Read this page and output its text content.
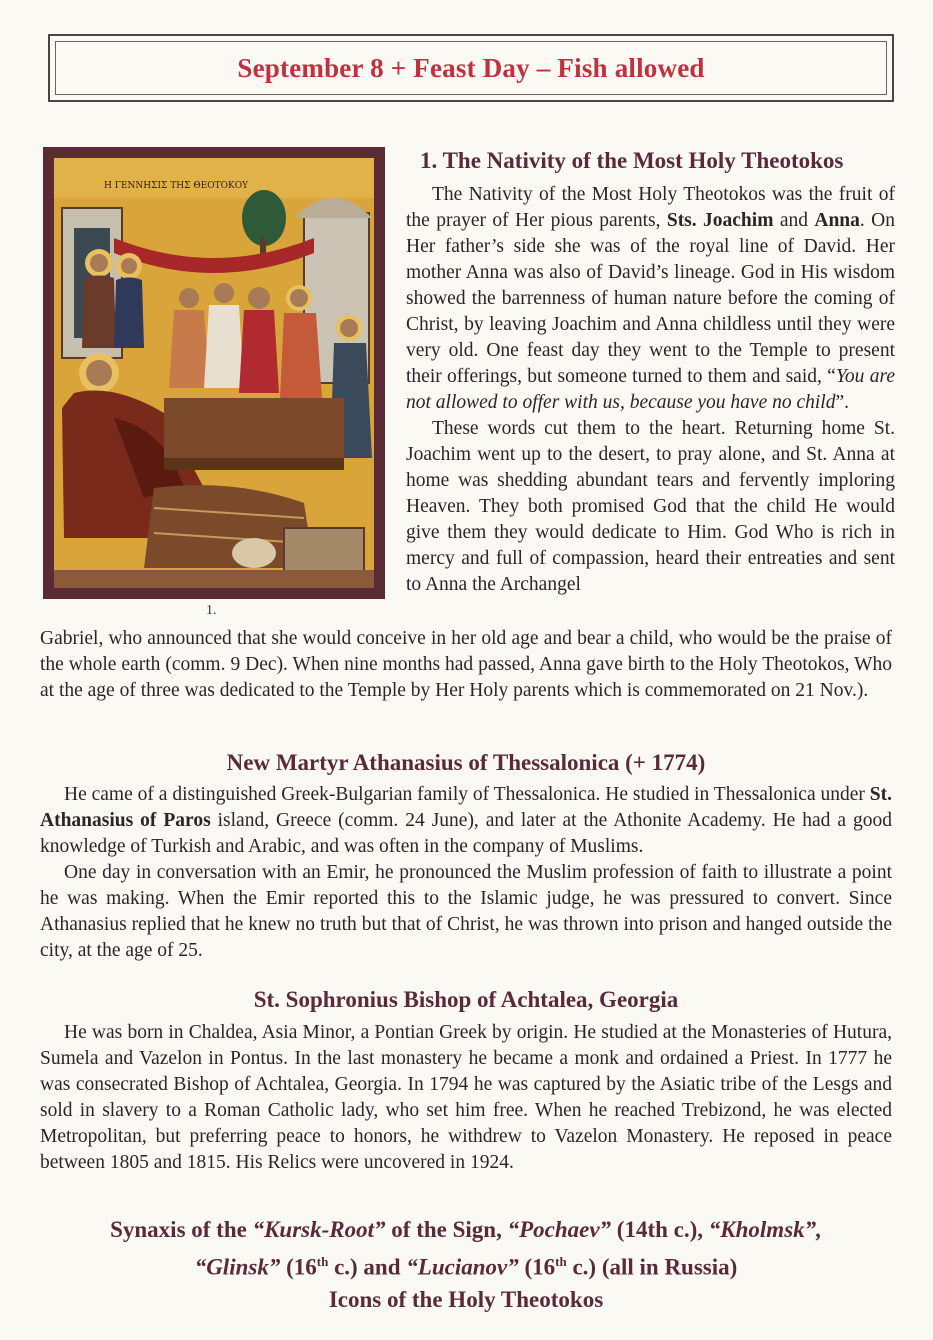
September 8 + Feast Day – Fish allowed
Η ΓΕΝΝΗΣΙΣ ΤΗΣ ΘΕΟΤΟΚΟΥ
1.
1. The Nativity of the Most Holy Theotokos

The Nativity of the Most Holy Theotokos was the fruit of the prayer of Her pious parents, Sts. Joachim and Anna. On Her father’s side she was of the royal line of David. Her mother Anna was also of David’s lineage. God in His wisdom showed the barrenness of human nature before the coming of Christ, by leaving Joachim and Anna childless until they were very old. One feast day they went to the Temple to present their offerings, but someone turned to them and said, “You are not allowed to offer with us, because you have no child”.

These words cut them to the heart. Returning home St. Joachim went up to the desert, to pray alone, and St. Anna at home was shedding abundant tears and fervently imploring Heaven. They both promised God that the child He would give them they would dedicate to Him. God Who is rich in mercy and full of compassion, heard their entreaties and sent to Anna the Archangel

Gabriel, who announced that she would conceive in her old age and bear a child, who would be the praise of the whole earth (comm. 9 Dec). When nine months had passed, Anna gave birth to the Holy Theotokos, Who at the age of three was dedicated to the Temple by Her Holy parents which is commemorated on 21 Nov.).

New Martyr Athanasius of Thessalonica (+ 1774)

He came of a distinguished Greek-Bulgarian family of Thessalonica. He studied in Thessalonica under St. Athanasius of Paros island, Greece (comm. 24 June), and later at the Athonite Academy. He had a good knowledge of Turkish and Arabic, and was often in the company of Muslims.

One day in conversation with an Emir, he pronounced the Muslim profession of faith to illustrate a point he was making. When the Emir reported this to the Islamic judge, he was pressured to convert. Since Athanasius replied that he knew no truth but that of Christ, he was thrown into prison and hanged outside the city, at the age of 25.

St. Sophronius Bishop of Achtalea, Georgia

He was born in Chaldea, Asia Minor, a Pontian Greek by origin. He studied at the Monasteries of Hutura, Sumela and Vazelon in Pontus. In the last monastery he became a monk and ordained a Priest. In 1777 he was consecrated Bishop of Achtalea, Georgia. In 1794 he was captured by the Asiatic tribe of the Lesgs and sold in slavery to a Roman Catholic lady, who set him free. When he reached Trebizond, he was elected Metropolitan, but preferring peace to honors, he withdrew to Vazelon Monastery. He reposed in peace between 1805 and 1815. His Relics were uncovered in 1924.

Synaxis of the “Kursk-Root” of the Sign, “Pochaev” (14th c.), “Kholmsk”,
“Glinsk” (16th c.) and “Lucianov” (16th c.) (all in Russia)
Icons of the Holy Theotokos
